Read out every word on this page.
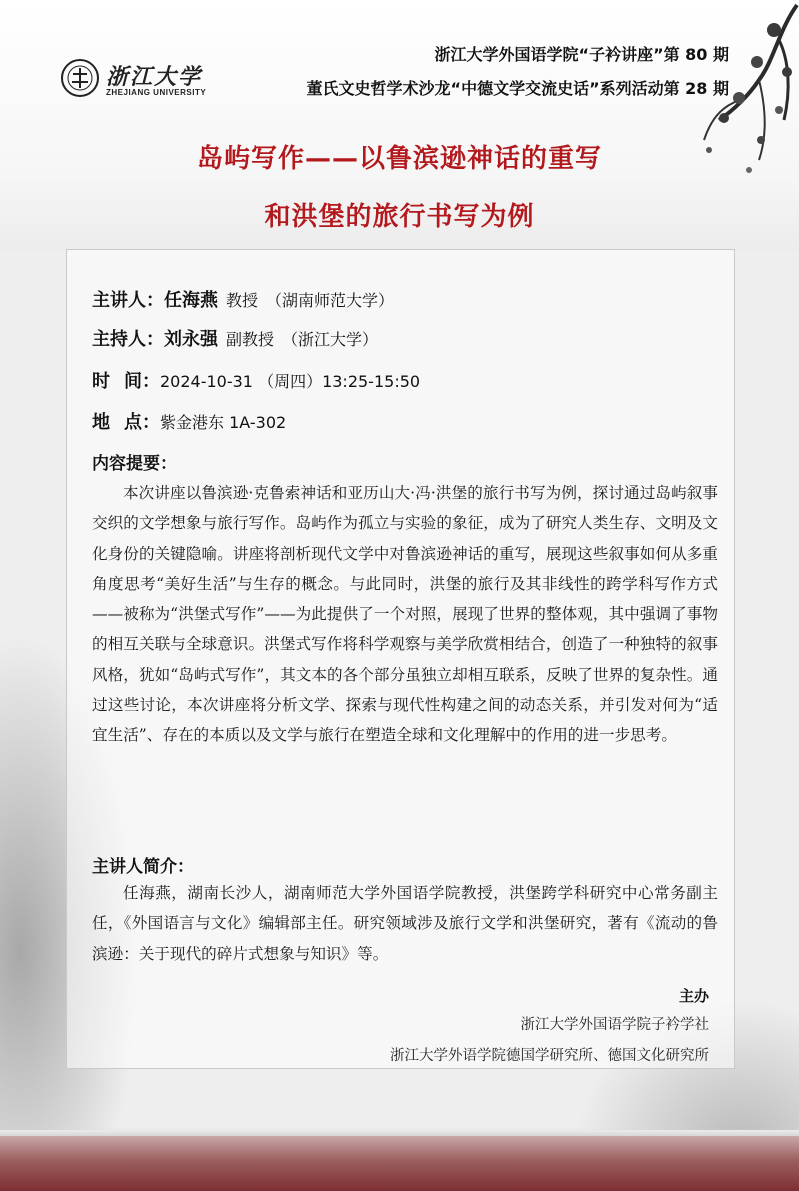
浙江大学
ZHEJIANG UNIVERSITY
浙江大学外国语学院“子衿讲座”第 80 期
董氏文史哲学术沙龙“中德文学交流史话”系列活动第 28 期
岛屿写作——以鲁滨逊神话的重写
和洪堡的旅行书写为例
主讲人： 任海燕 教授 （湖南师范大学）
主持人： 刘永强 副教授 （浙江大学）
时 间： 2024-10-31 （周四）13:25-15:50
地 点： 紫金港东 1A-302
内容提要：

本次讲座以鲁滨逊·克鲁索神话和亚历山大·冯·洪堡的旅行书写为例，探讨通过岛屿叙事交织的文学想象与旅行写作。岛屿作为孤立与实验的象征，成为了研究人类生存、文明及文化身份的关键隐喻。讲座将剖析现代文学中对鲁滨逊神话的重写，展现这些叙事如何从多重角度思考“美好生活”与生存的概念。与此同时，洪堡的旅行及其非线性的跨学科写作方式——被称为“洪堡式写作”——为此提供了一个对照，展现了世界的整体观，其中强调了事物的相互关联与全球意识。洪堡式写作将科学观察与美学欣赏相结合，创造了一种独特的叙事风格，犹如“岛屿式写作”，其文本的各个部分虽独立却相互联系，反映了世界的复杂性。通过这些讨论，本次讲座将分析文学、探索与现代性构建之间的动态关系，并引发对何为“适宜生活”、存在的本质以及文学与旅行在塑造全球和文化理解中的作用的进一步思考。

主讲人简介：

任海燕，湖南长沙人，湖南师范大学外国语学院教授，洪堡跨学科研究中心常务副主任，《外国语言与文化》编辑部主任。研究领域涉及旅行文学和洪堡研究，著有《流动的鲁滨逊：关于现代的碎片式想象与知识》等。

主办
浙江大学外国语学院子衿学社
浙江大学外语学院德国学研究所、德国文化研究所
